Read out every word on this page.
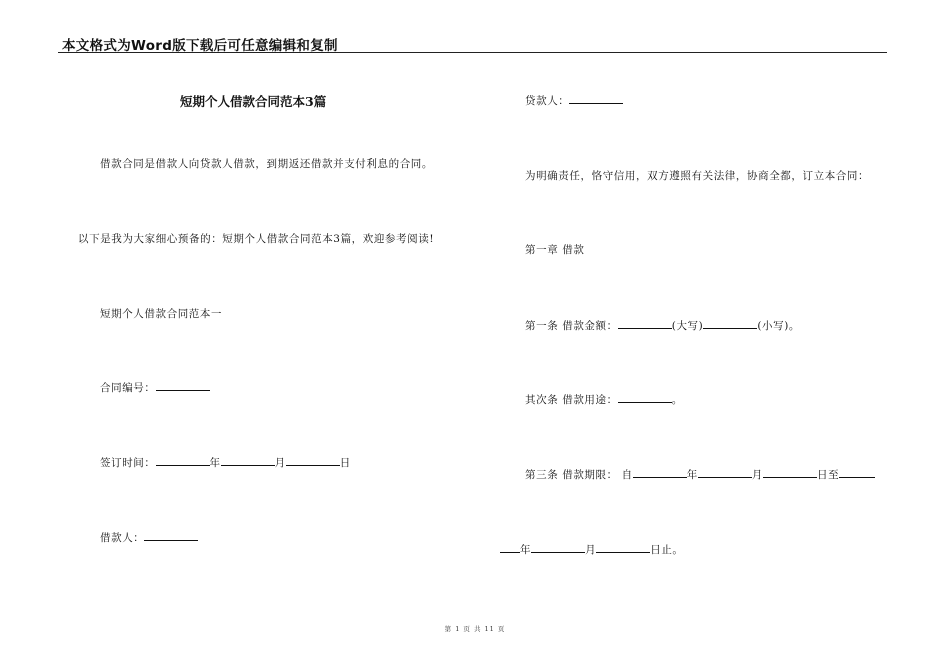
本文格式为Word版下载后可任意编辑和复制
短期个人借款合同范本3篇
借款合同是借款人向贷款人借款，到期返还借款并支付利息的合同。
以下是我为大家细心预备的：短期个人借款合同范本3篇，欢迎参考阅读!
短期个人借款合同范本一
合同编号：
签订时间：	年	月	日
借款人：
贷款人：
为明确责任，恪守信用，双方遵照有关法律，协商全都，订立本合同：
第一章 借款
第一条 借款金额：	(大写)	(小写)。
其次条 借款用途：	。
第三条 借款期限： 自	年	月	日至
年	月	日止。
第 1 页 共 11 页
